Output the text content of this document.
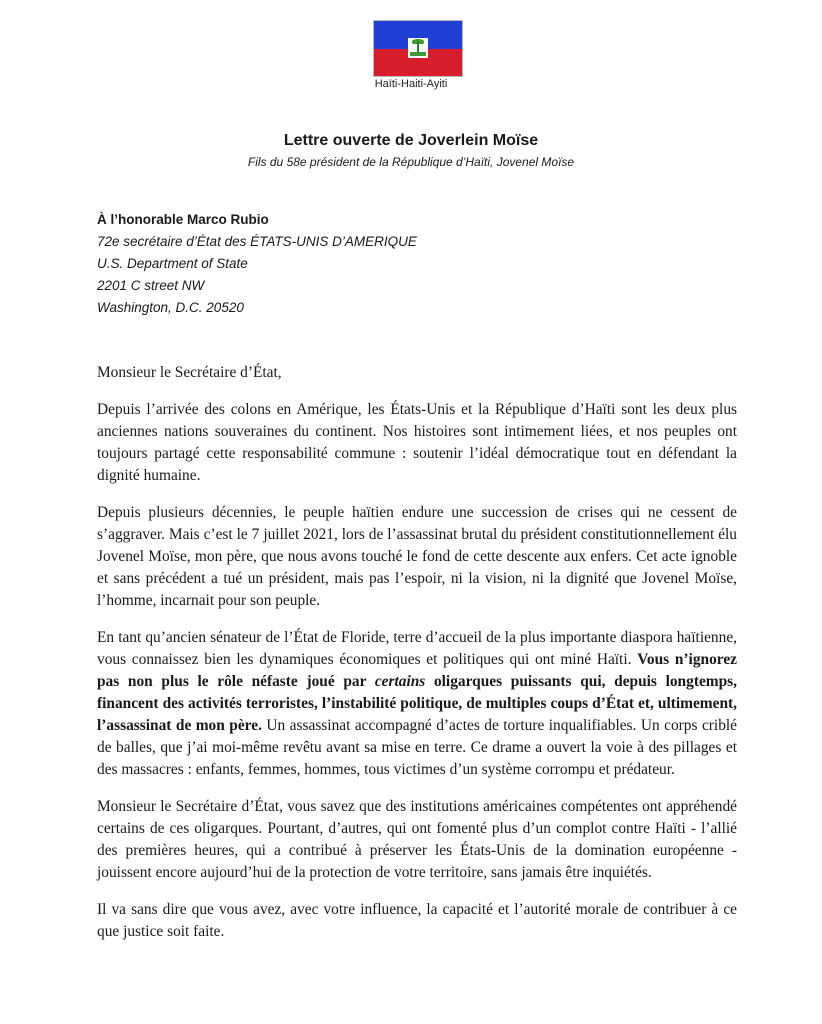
Haïti-Haiti-Ayiti
Lettre ouverte de Joverlein Moïse
Fils du 58e président de la République d’Haïti, Jovenel Moïse
À l’honorable Marco Rubio
72e secrétaire d’État des ÉTATS-UNIS D’AMERIQUE
U.S. Department of State
2201 C street NW
Washington, D.C. 20520

Monsieur le Secrétaire d’État,

Depuis l’arrivée des colons en Amérique, les États-Unis et la République d’Haïti sont les deux plus anciennes nations souveraines du continent. Nos histoires sont intimement liées, et nos peuples ont toujours partagé cette responsabilité commune : soutenir l’idéal démocratique tout en défendant la dignité humaine.

Depuis plusieurs décennies, le peuple haïtien endure une succession de crises qui ne cessent de s’aggraver. Mais c’est le 7 juillet 2021, lors de l’assassinat brutal du président constitutionnellement élu Jovenel Moïse, mon père, que nous avons touché le fond de cette descente aux enfers. Cet acte ignoble et sans précédent a tué un président, mais pas l’espoir, ni la vision, ni la dignité que Jovenel Moïse, l’homme, incarnait pour son peuple.

En tant qu’ancien sénateur de l’État de Floride, terre d’accueil de la plus importante diaspora haïtienne, vous connaissez bien les dynamiques économiques et politiques qui ont miné Haïti. Vous n’ignorez pas non plus le rôle néfaste joué par certains oligarques puissants qui, depuis longtemps, financent des activités terroristes, l’instabilité politique, de multiples coups d’État et, ultimement, l’assassinat de mon père. Un assassinat accompagné d’actes de torture inqualifiables. Un corps criblé de balles, que j’ai moi-même revêtu avant sa mise en terre. Ce drame a ouvert la voie à des pillages et des massacres : enfants, femmes, hommes, tous victimes d’un système corrompu et prédateur.

Monsieur le Secrétaire d’État, vous savez que des institutions américaines compétentes ont appréhendé certains de ces oligarques. Pourtant, d’autres, qui ont fomenté plus d’un complot contre Haïti - l’allié des premières heures, qui a contribué à préserver les États-Unis de la domination européenne - jouissent encore aujourd’hui de la protection de votre territoire, sans jamais être inquiétés.

Il va sans dire que vous avez, avec votre influence, la capacité et l’autorité morale de contribuer à ce que justice soit faite.
